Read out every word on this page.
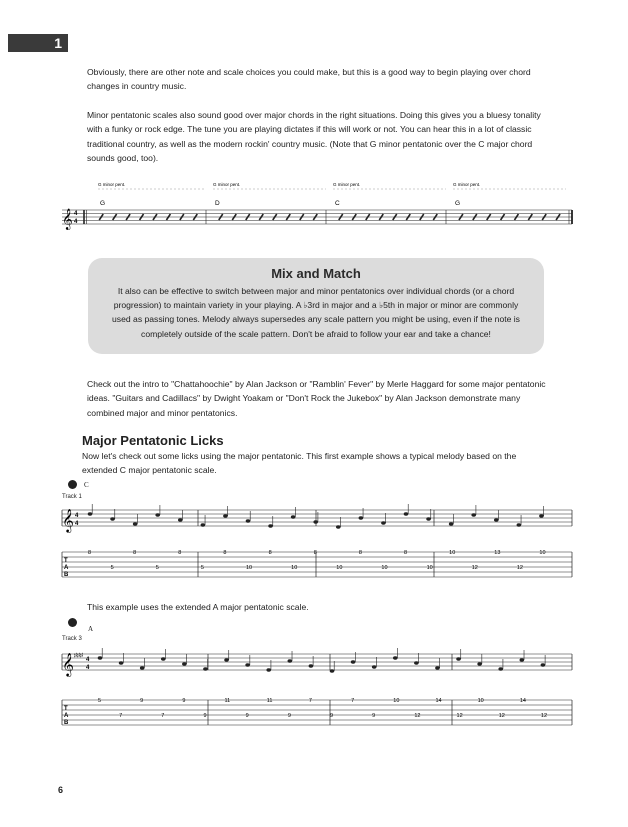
1

Obviously, there are other note and scale choices you could make, but this is a good way to begin playing over chord changes in country music.

Minor pentatonic scales also sound good over major chords in the right situations. Doing this gives you a bluesy tonality with a funky or rock edge. The tune you are playing dictates if this will work or not. You can hear this in a lot of classic traditional country, as well as the modern rockin' country music. (Note that G minor pentatonic over the C major chord sounds good, too).

G minor pent.	G minor pent.	G minor pent.	G minor pent.
G	D	C	G
𝄞 4
4
Mix and Match

It also can be effective to switch between major and minor pentatonics over individual chords (or a chord progression) to maintain variety in your playing. A ♭3rd in major and a ♭5th in major or minor are commonly used as passing tones. Melody always supersedes any scale pattern you might be using, even if the note is completely outside of the scale pattern. Don't be afraid to follow your ear and take a chance!

Check out the intro to "Chattahoochie" by Alan Jackson or "Ramblin' Fever" by Merle Haggard for some major pentatonic ideas. "Guitars and Cadillacs" by Dwight Yoakam or "Don't Rock the Jukebox" by Alan Jackson demonstrate many combined major and minor pentatonics.

Major Pentatonic Licks

Now let's check out some licks using the major pentatonic. This first example shows a typical melody based on the extended C major pentatonic scale.

C
Track 1
𝄞 4
4
T A B
8
5
8
5
8
5
8
10
8
10
8
10
8
10
8
10
10
12
13
12
10

This example uses the extended A major pentatonic scale.

A
Track 3
𝄞 ♯♯♯
4
4
T A B
5
7
9
7
9
9
11
9
11
9
7
9
7
9
10
12
14
12
10
12
14
12
6
